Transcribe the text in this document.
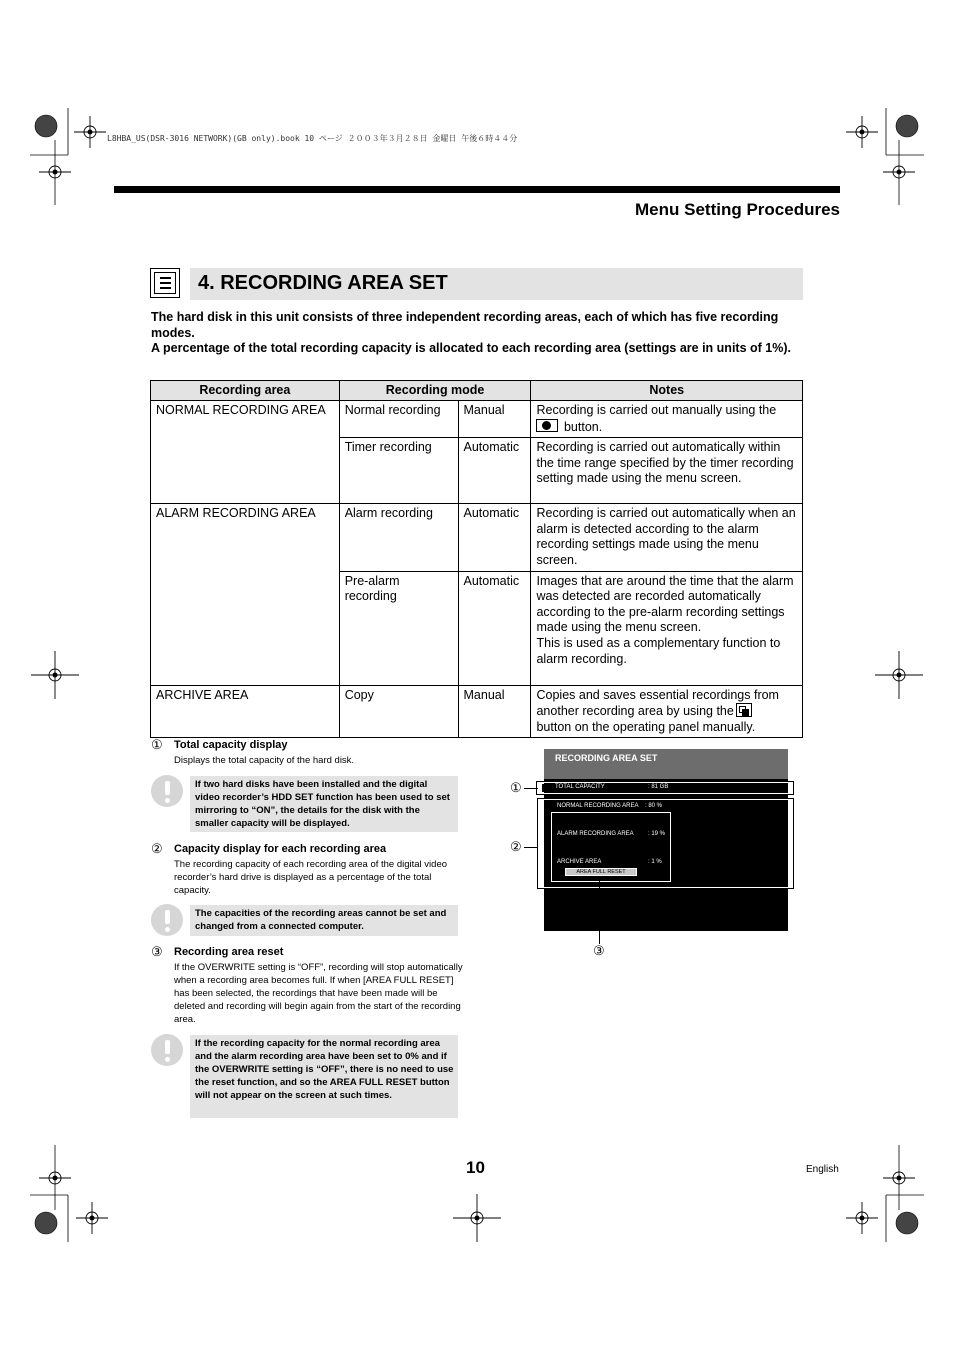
L8HBA_US(DSR-3016 NETWORK)(GB only).book 10 ページ ２００３年３月２８日 金曜日 午後６時４４分
Menu Setting Procedures
4. RECORDING AREA SET
The hard disk in this unit consists of three independent recording areas, each of which has five recording modes.
A percentage of the total recording capacity is allocated to each recording area (settings are in units of 1%).
Recording area	Recording mode		Notes
NORMAL RECORDING AREA	Normal recording	Manual	Recording is carried out manually using the
button.
	Timer recording	Automatic	Recording is carried out automatically within the time range specified by the timer recording setting made using the menu screen.
ALARM RECORDING AREA	Alarm recording	Automatic	Recording is carried out automatically when an alarm is detected according to the alarm recording settings made using the menu screen.
	Pre-alarm recording	Automatic	Images that are around the time that the alarm was detected are recorded automatically according to the pre-alarm recording settings made using the menu screen.
This is used as a complementary function to alarm recording.
ARCHIVE AREA	Copy	Manual	Copies and saves essential recordings from another recording area by using the
button on the operating panel manually.
① Total capacity display
Displays the total capacity of the hard disk.
If two hard disks have been installed and the digital video recorder’s HDD SET function has been used to set mirroring to “ON”, the details for the disk with the smaller capacity will be displayed.
② Capacity display for each recording area
The recording capacity of each recording area of the digital video recorder’s hard drive is displayed as a percentage of the total capacity.
The capacities of the recording areas cannot be set and changed from a connected computer.
③ Recording area reset
If the OVERWRITE setting is “OFF”, recording will stop automatically when a recording area becomes full. If when [AREA FULL RESET] has been selected, the recordings that have been made will be deleted and recording will begin again from the start of the recording area.
If the recording capacity for the normal recording area and the alarm recording area have been set to 0% and if the OVERWRITE setting is “OFF”, there is no need to use the reset function, and so the AREA FULL RESET button will not appear on the screen at such times.
RECORDING AREA SET
TOTAL CAPACITY	: 81 GB
NORMAL RECORDING AREA : 80 %
ALARM RECORDING AREA : 19 %
ARCHIVE AREA	: 1 %
AREA FULL RESET
①
②
③
10	English
